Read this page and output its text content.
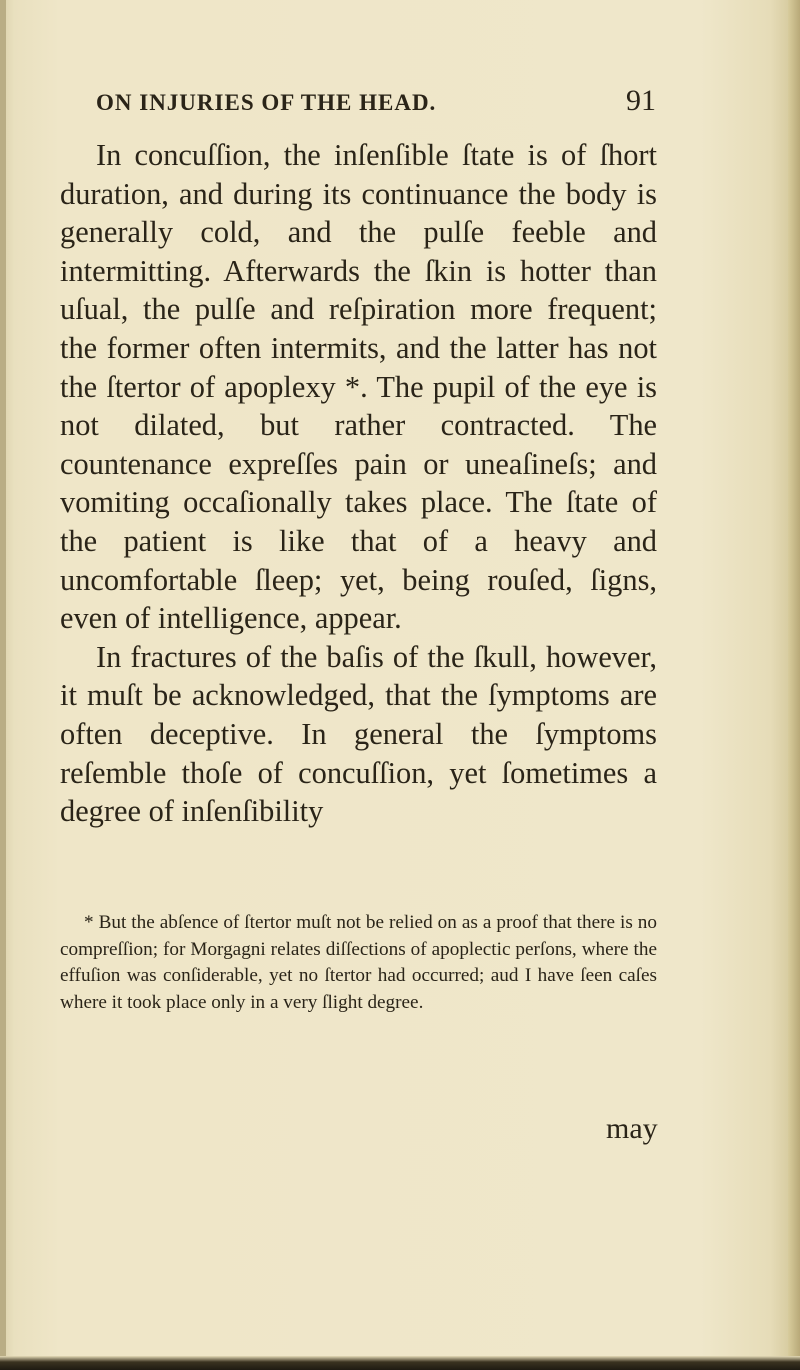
ON INJURIES OF THE HEAD.	91

In concuſſion, the inſenſible ſtate is of ſhort duration, and during its continuance the body is generally cold, and the pulſe feeble and intermitting. Afterwards the ſkin is hotter than uſual, the pulſe and reſpiration more frequent; the former often intermits, and the latter has not the ſtertor of apoplexy *. The pupil of the eye is not dilated, but rather contracted. The countenance expreſſes pain or uneaſineſs; and vomiting occaſionally takes place. The ſtate of the patient is like that of a heavy and uncomfortable ſleep; yet, being rouſed, ſigns, even of intelligence, appear.

In fractures of the baſis of the ſkull, however, it muſt be acknowledged, that the ſymptoms are often deceptive. In general the ſymptoms reſemble thoſe of concuſſion, yet ſometimes a degree of inſenſibility

* But the abſence of ſtertor muſt not be relied on as a proof that there is no compreſſion; for Morgagni relates diſſections of apoplectic perſons, where the effuſion was conſiderable, yet no ſtertor had occurred; aud I have ſeen caſes where it took place only in a very ſlight degree.

may
